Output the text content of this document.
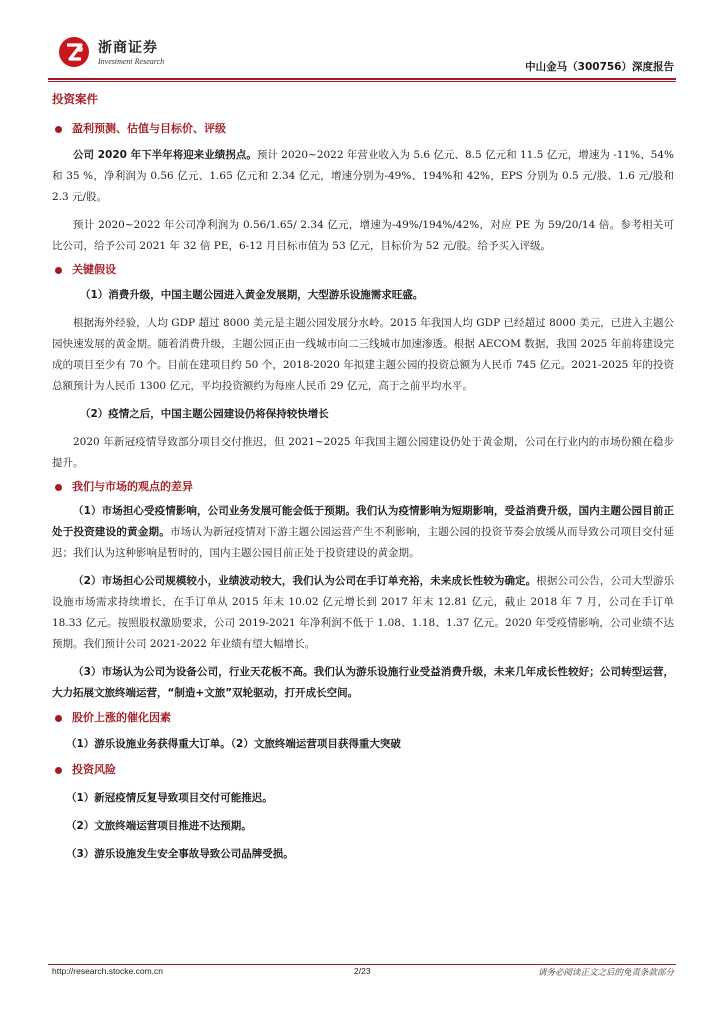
浙商证券
Investment Research	中山金马（300756）深度报告
投资案件
盈利预测、估值与目标价、评级

公司 2020 年下半年将迎来业绩拐点。预计 2020~2022 年营业收入为 5.6 亿元、8.5 亿元和 11.5 亿元，增速为 -11%、54%和 35 %，净利润为 0.56 亿元、1.65 亿元和 2.34 亿元，增速分别为-49%、194%和 42%，EPS 分别为 0.5 元/股、1.6 元/股和 2.3 元/股。

预计 2020~2022 年公司净利润为 0.56/1.65/ 2.34 亿元，增速为-49%/194%/42%，对应 PE 为 59/20/14 倍。参考相关可比公司，给予公司 2021 年 32 倍 PE，6-12 月目标市值为 53 亿元，目标价为 52 元/股。给予买入评级。

关键假设
（1）消费升级，中国主题公园进入黄金发展期，大型游乐设施需求旺盛。

根据海外经验，人均 GDP 超过 8000 美元是主题公园发展分水岭。2015 年我国人均 GDP 已经超过 8000 美元，已进入主题公园快速发展的黄金期。随着消费升级，主题公园正由一线城市向二三线城市加速渗透。根据 AECOM 数据，我国 2025 年前将建设完成的项目至少有 70 个。目前在建项目约 50 个，2018-2020 年拟建主题公园的投资总额为人民币 745 亿元。2021-2025 年的投资总额预计为人民币 1300 亿元，平均投资额约为每座人民币 29 亿元，高于之前平均水平。

（2）疫情之后，中国主题公园建设仍将保持较快增长

2020 年新冠疫情导致部分项目交付推迟，但 2021~2025 年我国主题公园建设仍处于黄金期，公司在行业内的市场份额在稳步提升。

我们与市场的观点的差异

（1）市场担心受疫情影响，公司业务发展可能会低于预期。我们认为疫情影响为短期影响，受益消费升级，国内主题公园目前正处于投资建设的黄金期。市场认为新冠疫情对下游主题公园运营产生不利影响，主题公园的投资节奏会放缓从而导致公司项目交付延迟；我们认为这种影响是暂时的，国内主题公园目前正处于投资建设的黄金期。

（2）市场担心公司规模较小，业绩波动较大，我们认为公司在手订单充裕，未来成长性较为确定。根据公司公告，公司大型游乐设施市场需求持续增长，在手订单从 2015 年末 10.02 亿元增长到 2017 年末 12.81 亿元，截止 2018 年 7 月，公司在手订单 18.33 亿元。按照股权激励要求，公司 2019-2021 年净利润不低于 1.08、1.18、1.37 亿元。2020 年受疫情影响，公司业绩不达预期。我们预计公司 2021-2022 年业绩有望大幅增长。

（3）市场认为公司为设备公司，行业天花板不高。我们认为游乐设施行业受益消费升级，未来几年成长性较好；公司转型运营，大力拓展文旅终端运营，“制造+文旅”双轮驱动，打开成长空间。

股价上涨的催化因素
（1）游乐设施业务获得重大订单。（2）文旅终端运营项目获得重大突破
投资风险
（1）新冠疫情反复导致项目交付可能推迟。
（2）文旅终端运营项目推进不达预期。
（3）游乐设施发生安全事故导致公司品牌受损。
http://research.stocke.com.cn	2/23	请务必阅读正文之后的免责条款部分
